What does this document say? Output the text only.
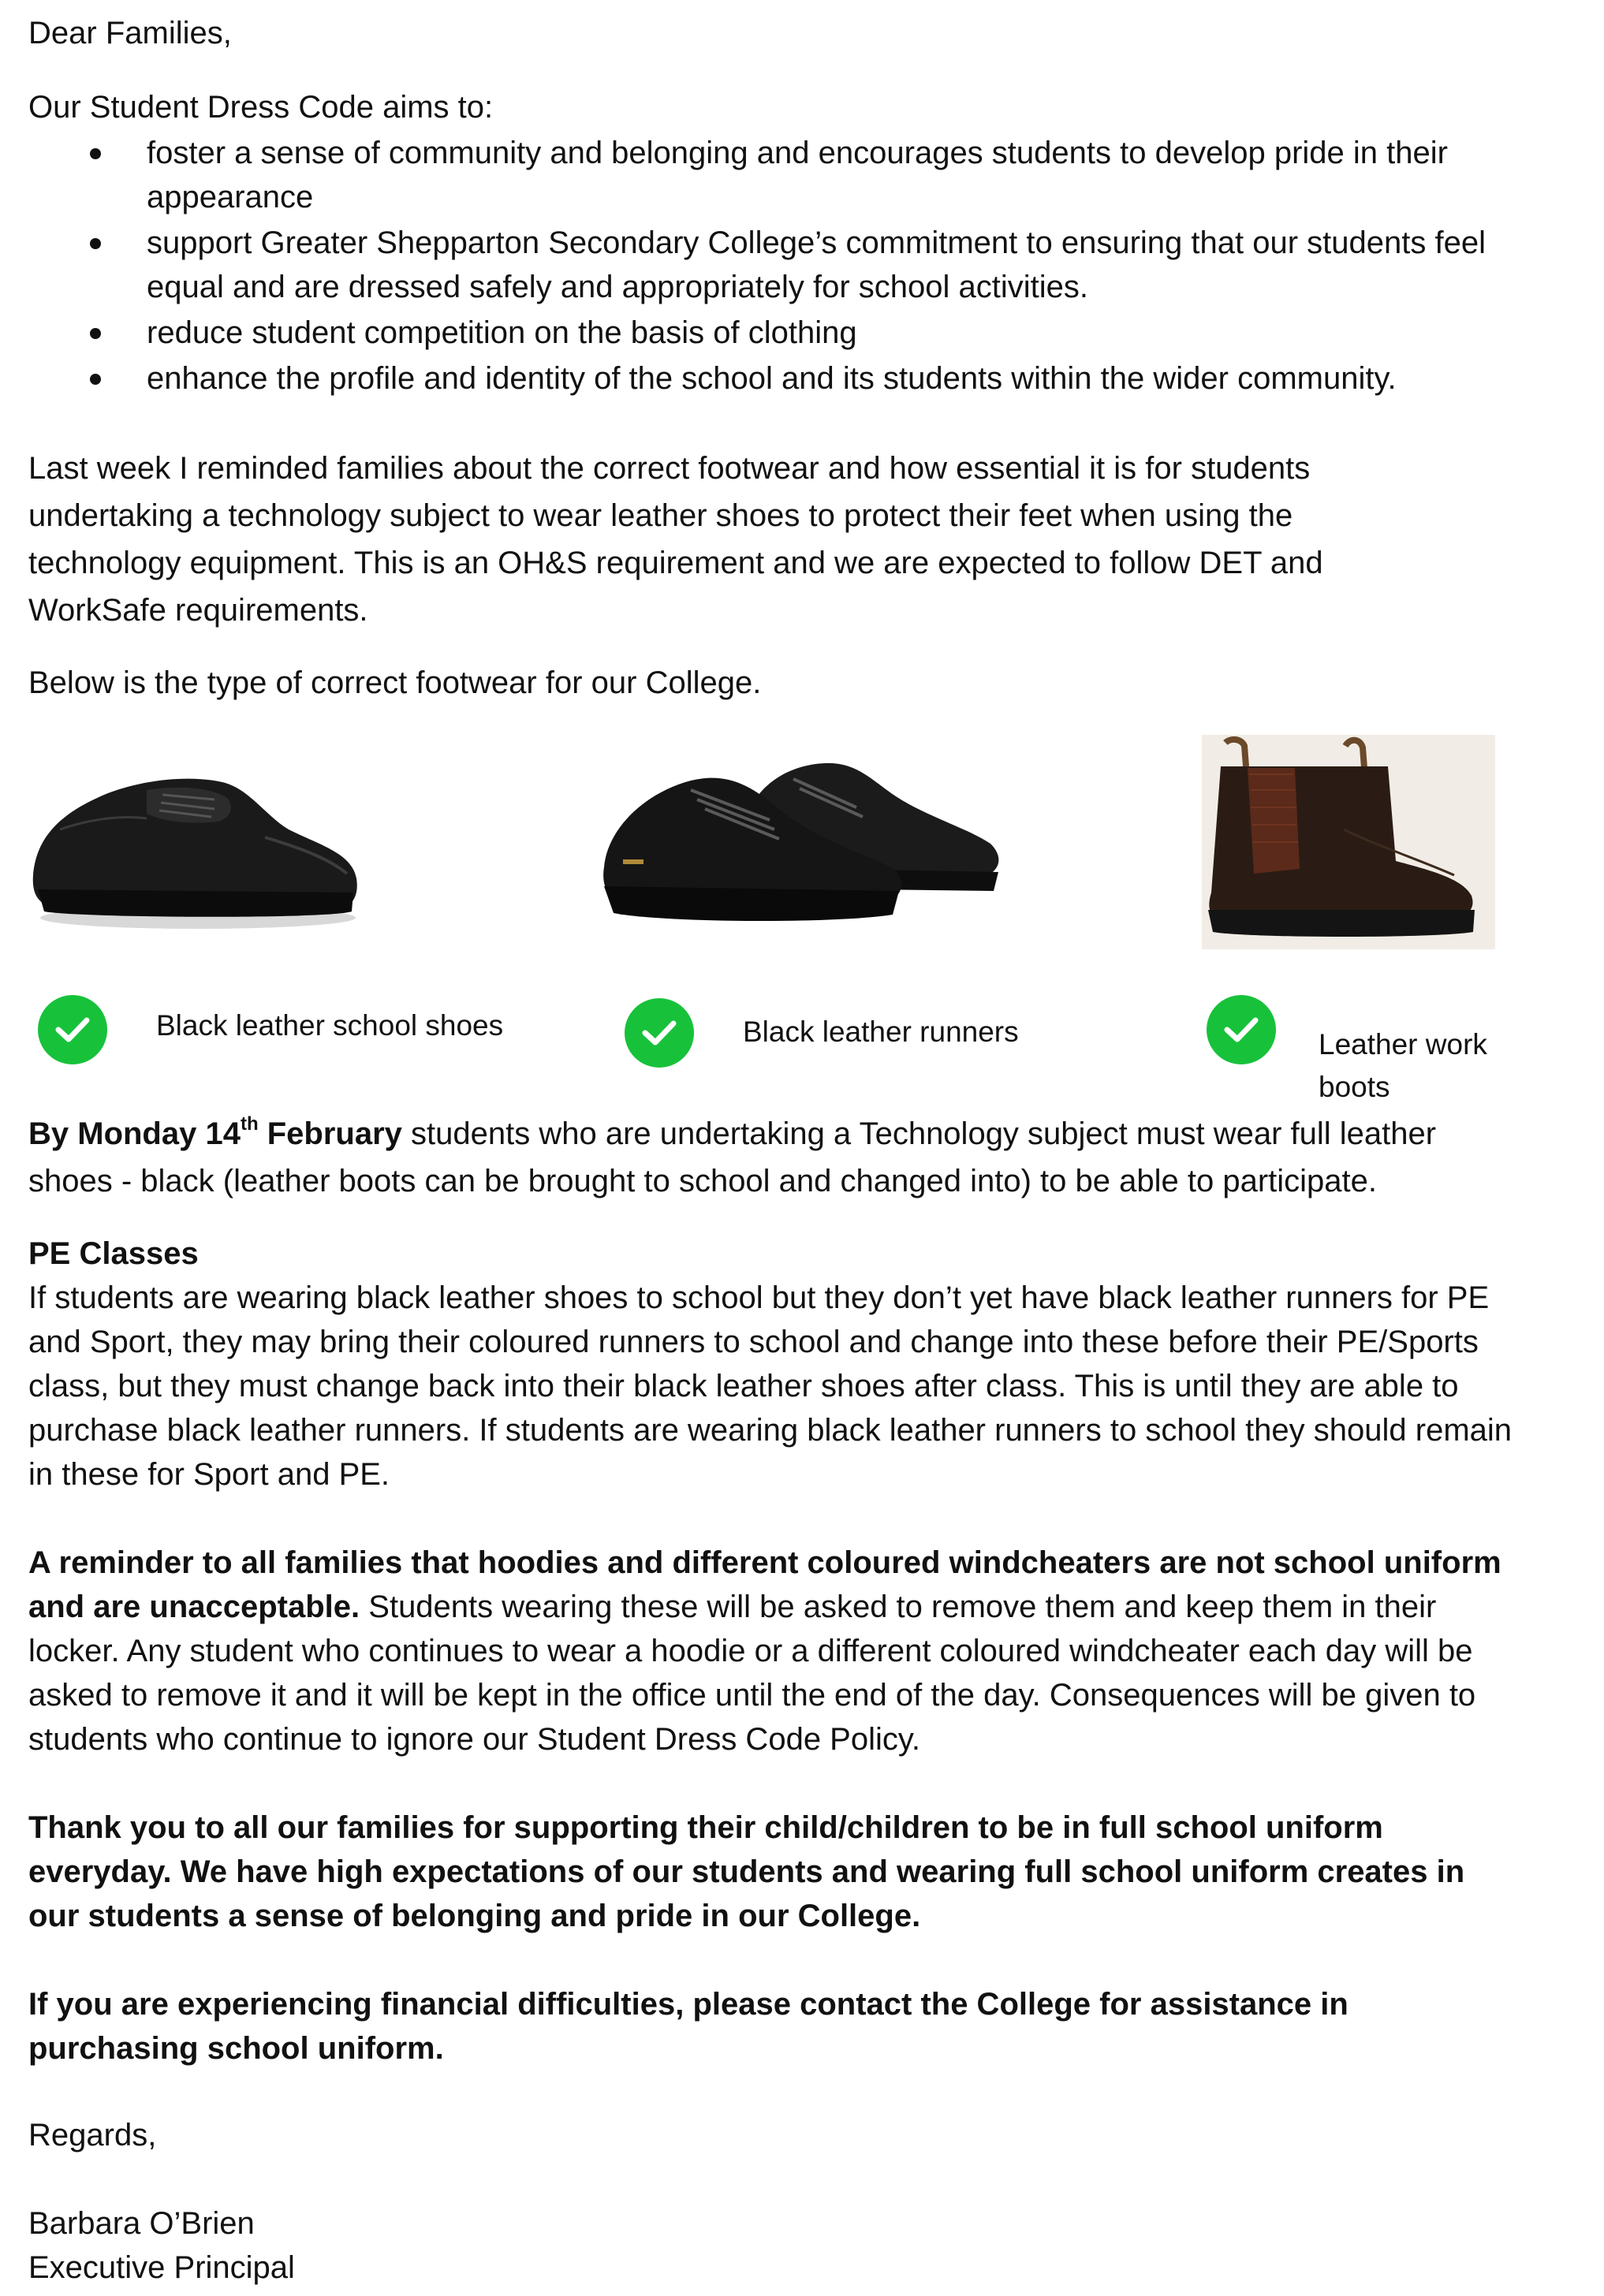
Dear Families,

Our Student Dress Code aims to:

foster a sense of community and belonging and encourages students to develop pride in their appearance
support Greater Shepparton Secondary College’s commitment to ensuring that our students feel equal and are dressed safely and appropriately for school activities.
reduce student competition on the basis of clothing
enhance the profile and identity of the school and its students within the wider community.

Last week I reminded families about the correct footwear and how essential it is for students undertaking a technology subject to wear leather shoes to protect their feet when using the technology equipment. This is an OH&S requirement and we are expected to follow DET and WorkSafe requirements.

Below is the type of correct footwear for our College.

Black leather school shoes	Black leather runners	Leather work boots

By Monday 14th February students who are undertaking a Technology subject must wear full leather shoes - black (leather boots can be brought to school and changed into) to be able to participate.

PE Classes

If students are wearing black leather shoes to school but they don’t yet have black leather runners for PE and Sport, they may bring their coloured runners to school and change into these before their PE/Sports class, but they must change back into their black leather shoes after class. This is until they are able to purchase black leather runners. If students are wearing black leather runners to school they should remain in these for Sport and PE.

A reminder to all families that hoodies and different coloured windcheaters are not school uniform and are unacceptable. Students wearing these will be asked to remove them and keep them in their locker. Any student who continues to wear a hoodie or a different coloured windcheater each day will be asked to remove it and it will be kept in the office until the end of the day. Consequences will be given to students who continue to ignore our Student Dress Code Policy.

Thank you to all our families for supporting their child/children to be in full school uniform everyday. We have high expectations of our students and wearing full school uniform creates in our students a sense of belonging and pride in our College.

If you are experiencing financial difficulties, please contact the College for assistance in purchasing school uniform.

Regards,

Barbara O’Brien

Executive Principal
